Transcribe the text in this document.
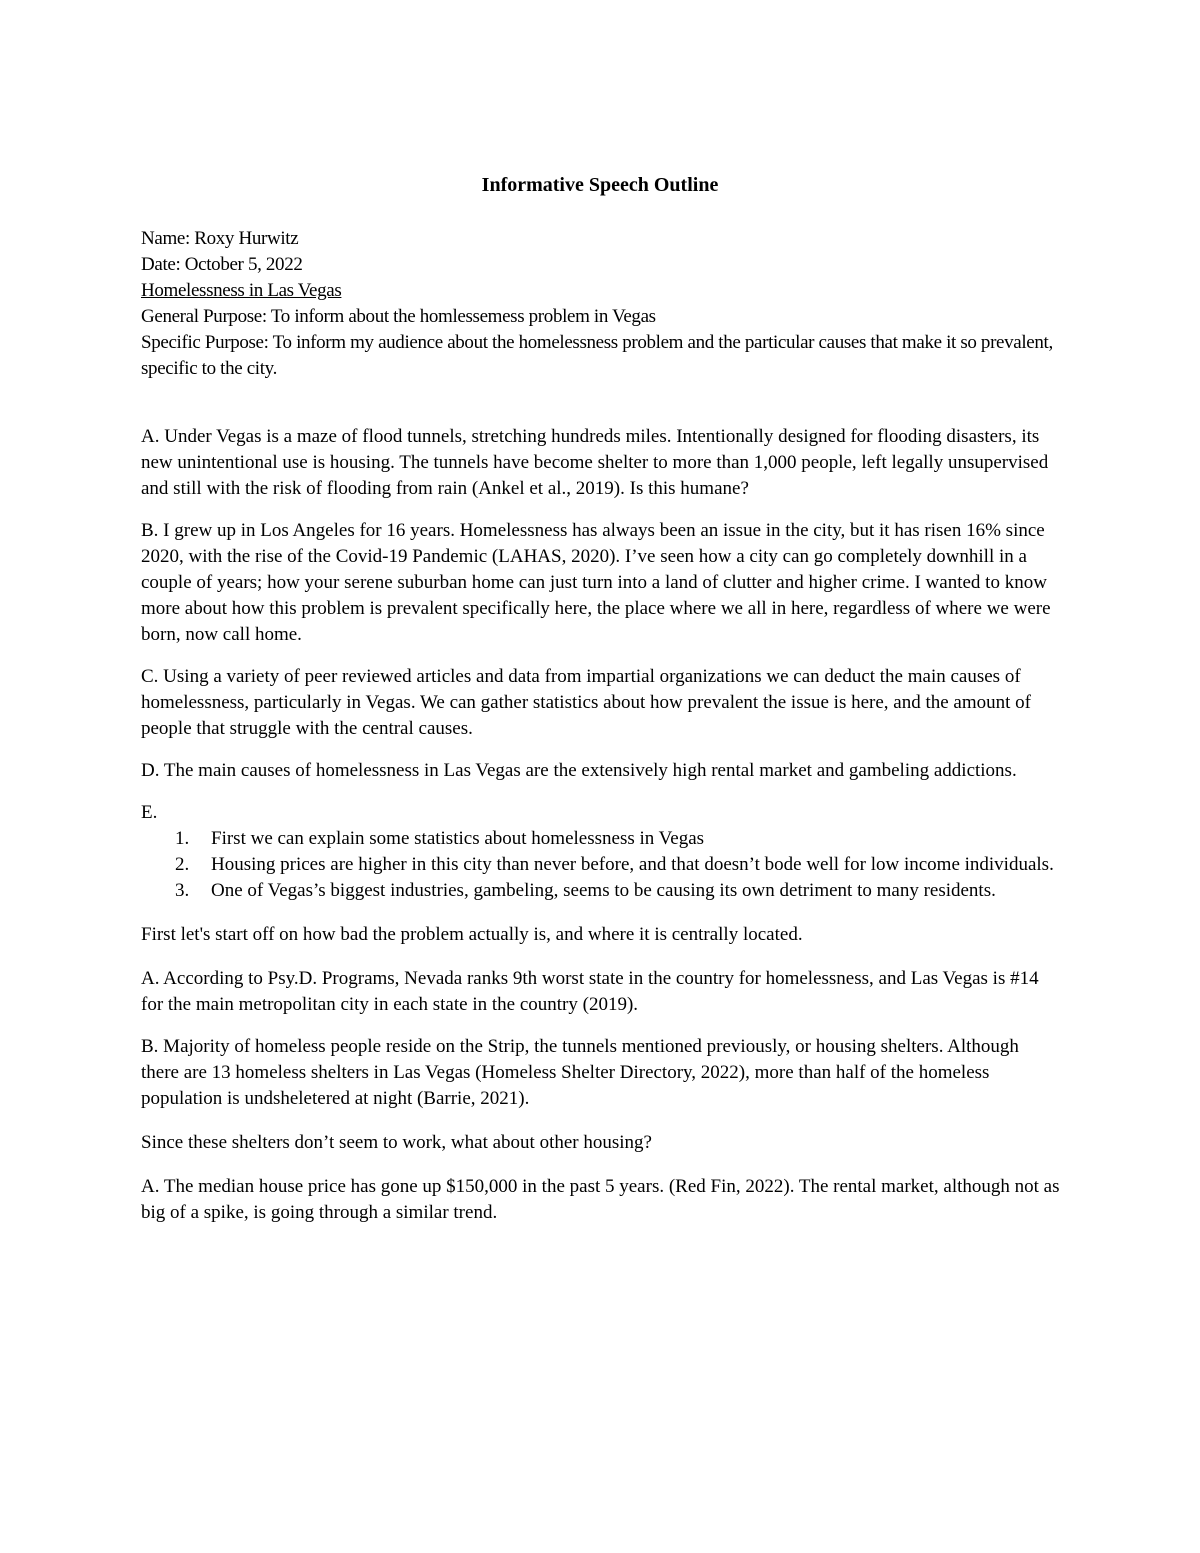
Informative Speech Outline

Name: Roxy Hurwitz

Date: October 5, 2022

Homelessness in Las Vegas

General Purpose: To inform about the homlessemess problem in Vegas

Specific Purpose: To inform my audience about the homelessness problem and the particular causes that make it so prevalent, specific to the city.

A. Under Vegas is a maze of flood tunnels, stretching hundreds miles. Intentionally designed for flooding disasters, its new unintentional use is housing. The tunnels have become shelter to more than 1,000 people, left legally unsupervised and still with the risk of flooding from rain (Ankel et al., 2019). Is this humane?

B. I grew up in Los Angeles for 16 years. Homelessness has always been an issue in the city, but it has risen 16% since 2020, with the rise of the Covid-19 Pandemic (LAHAS, 2020). I’ve seen how a city can go completely downhill in a couple of years; how your serene suburban home can just turn into a land of clutter and higher crime. I wanted to know more about how this problem is prevalent specifically here, the place where we all in here, regardless of where we were born, now call home.

C. Using a variety of peer reviewed articles and data from impartial organizations we can deduct the main causes of homelessness, particularly in Vegas. We can gather statistics about how prevalent the issue is here, and the amount of people that struggle with the central causes.

D. The main causes of homelessness in Las Vegas are the extensively high rental market and gambeling addictions.

E.

1. First we can explain some statistics about homelessness in Vegas
2. Housing prices are higher in this city than never before, and that doesn’t bode well for low income individuals.
3. One of Vegas’s biggest industries, gambeling, seems to be causing its own detriment to many residents.

First let's start off on how bad the problem actually is, and where it is centrally located.

A. According to Psy.D. Programs, Nevada ranks 9th worst state in the country for homelessness, and Las Vegas is #14 for the main metropolitan city in each state in the country (2019).

B. Majority of homeless people reside on the Strip, the tunnels mentioned previously, or housing shelters. Although there are 13 homeless shelters in Las Vegas (Homeless Shelter Directory, 2022), more than half of the homeless population is undsheletered at night (Barrie, 2021).

Since these shelters don’t seem to work, what about other housing?

A. The median house price has gone up $150,000 in the past 5 years. (Red Fin, 2022). The rental market, although not as big of a spike, is going through a similar trend.
